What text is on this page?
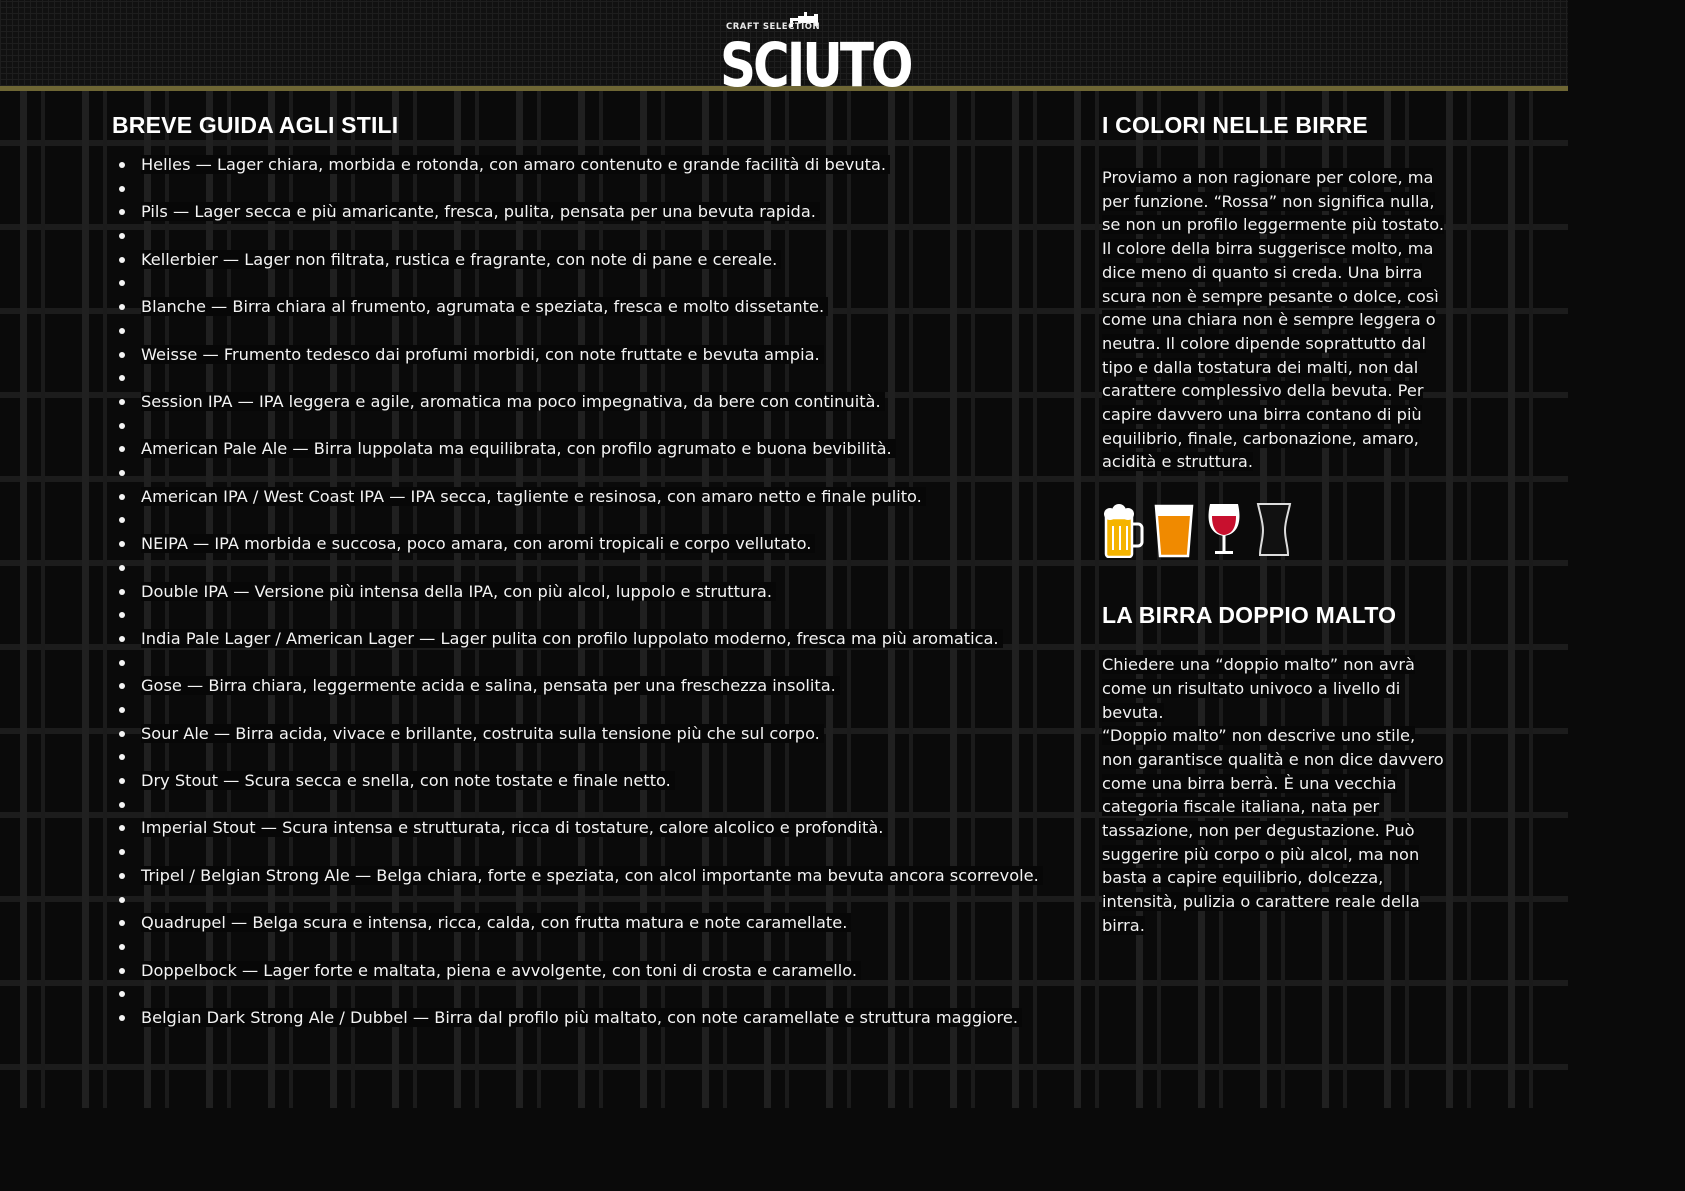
CRAFT SELECTION
SCIUTO
BREVE GUIDA AGLI STILI
Helles — Lager chiara, morbida e rotonda, con amaro contenuto e grande facilità di bevuta.
Pils — Lager secca e più amaricante, fresca, pulita, pensata per una bevuta rapida.
Kellerbier — Lager non filtrata, rustica e fragrante, con note di pane e cereale.
Blanche — Birra chiara al frumento, agrumata e speziata, fresca e molto dissetante.
Weisse — Frumento tedesco dai profumi morbidi, con note fruttate e bevuta ampia.
Session IPA — IPA leggera e agile, aromatica ma poco impegnativa, da bere con continuità.
American Pale Ale — Birra luppolata ma equilibrata, con profilo agrumato e buona bevibilità.
American IPA / West Coast IPA — IPA secca, tagliente e resinosa, con amaro netto e finale pulito.
NEIPA — IPA morbida e succosa, poco amara, con aromi tropicali e corpo vellutato.
Double IPA — Versione più intensa della IPA, con più alcol, luppolo e struttura.
India Pale Lager / American Lager — Lager pulita con profilo luppolato moderno, fresca ma più aromatica.
Gose — Birra chiara, leggermente acida e salina, pensata per una freschezza insolita.
Sour Ale — Birra acida, vivace e brillante, costruita sulla tensione più che sul corpo.
Dry Stout — Scura secca e snella, con note tostate e finale netto.
Imperial Stout — Scura intensa e strutturata, ricca di tostature, calore alcolico e profondità.
Tripel / Belgian Strong Ale — Belga chiara, forte e speziata, con alcol importante ma bevuta ancora scorrevole.
Quadrupel — Belga scura e intensa, ricca, calda, con frutta matura e note caramellate.
Doppelbock — Lager forte e maltata, piena e avvolgente, con toni di crosta e caramello.
Belgian Dark Strong Ale / Dubbel — Birra dal profilo più maltato, con note caramellate e struttura maggiore.
I COLORI NELLE BIRRE

Proviamo a non ragionare per colore, ma per funzione. “Rossa” non significa nulla, se non un profilo leggermente più tostato.

Il colore della birra suggerisce molto, ma dice meno di quanto si creda. Una birra scura non è sempre pesante o dolce, così come una chiara non è sempre leggera o neutra. Il colore dipende soprattutto dal tipo e dalla tostatura dei malti, non dal carattere complessivo della bevuta. Per capire davvero una birra contano di più equilibrio, finale, carbonazione, amaro, acidità e struttura.

LA BIRRA DOPPIO MALTO

Chiedere una “doppio malto” non avrà come un risultato univoco a livello di bevuta.

“Doppio malto” non descrive uno stile, non garantisce qualità e non dice davvero come una birra berrà. È una vecchia categoria fiscale italiana, nata per tassazione, non per degustazione. Può suggerire più corpo o più alcol, ma non basta a capire equilibrio, dolcezza, intensità, pulizia o carattere reale della birra.
